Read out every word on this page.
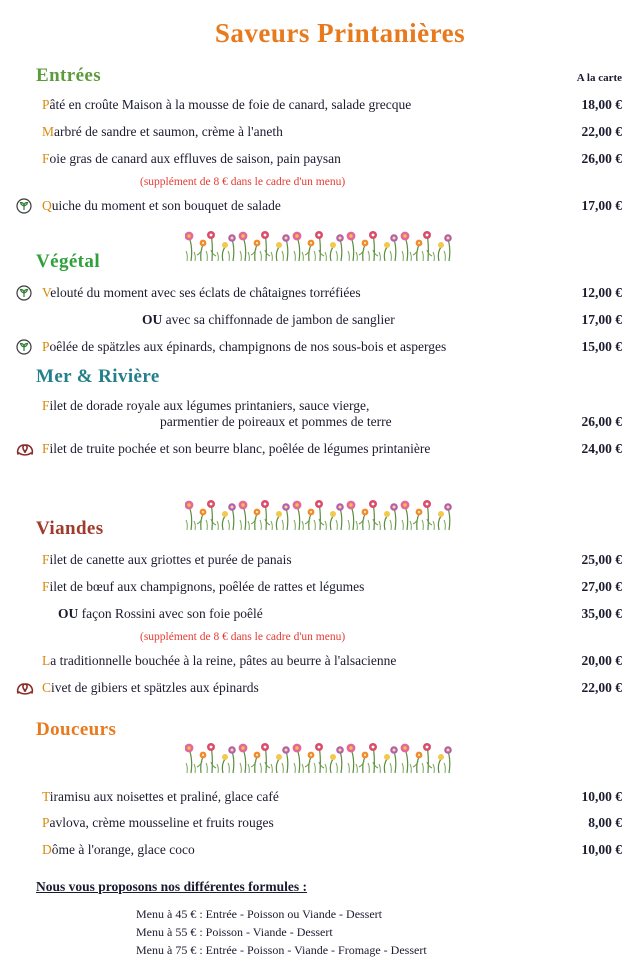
Saveurs Printanières
Entrées	A la carte
Pâté en croûte Maison à la mousse de foie de canard, salade grecque	18,00 €
Marbré de sandre et saumon, crème à l'aneth	22,00 €
Foie gras de canard aux effluves de saison, pain paysan	26,00 €
(supplément de 8 € dans le cadre d'un menu)
Quiche du moment et son bouquet de salade	17,00 €
Végétal
Velouté du moment avec ses éclats de châtaignes torréfiées	12,00 €
OU avec sa chiffonnade de jambon de sanglier	17,00 €
Poêlée de spätzles aux épinards, champignons de nos sous-bois et asperges	15,00 €
Mer & Rivière
Filet de dorade royale aux légumes printaniers, sauce vierge,
parmentier de poireaux et pommes de terre	26,00 €
Filet de truite pochée et son beurre blanc, poêlée de légumes printanière	24,00 €
Viandes
Filet de canette aux griottes et purée de panais	25,00 €
Filet de bœuf aux champignons, poêlée de rattes et légumes	27,00 €
OU façon Rossini avec son foie poêlé	35,00 €
(supplément de 8 € dans le cadre d'un menu)
La traditionnelle bouchée à la reine, pâtes au beurre à l'alsacienne	20,00 €
Civet de gibiers et spätzles aux épinards	22,00 €
Douceurs
Tiramisu aux noisettes et praliné, glace café	10,00 €
Pavlova, crème mousseline et fruits rouges	8,00 €
Dôme à l'orange, glace coco	10,00 €
Nous vous proposons nos différentes formules :
Menu à 45 € : Entrée - Poisson ou Viande - Dessert
Menu à 55 € : Poisson - Viande - Dessert
Menu à 75 € : Entrée - Poisson - Viande - Fromage - Dessert
